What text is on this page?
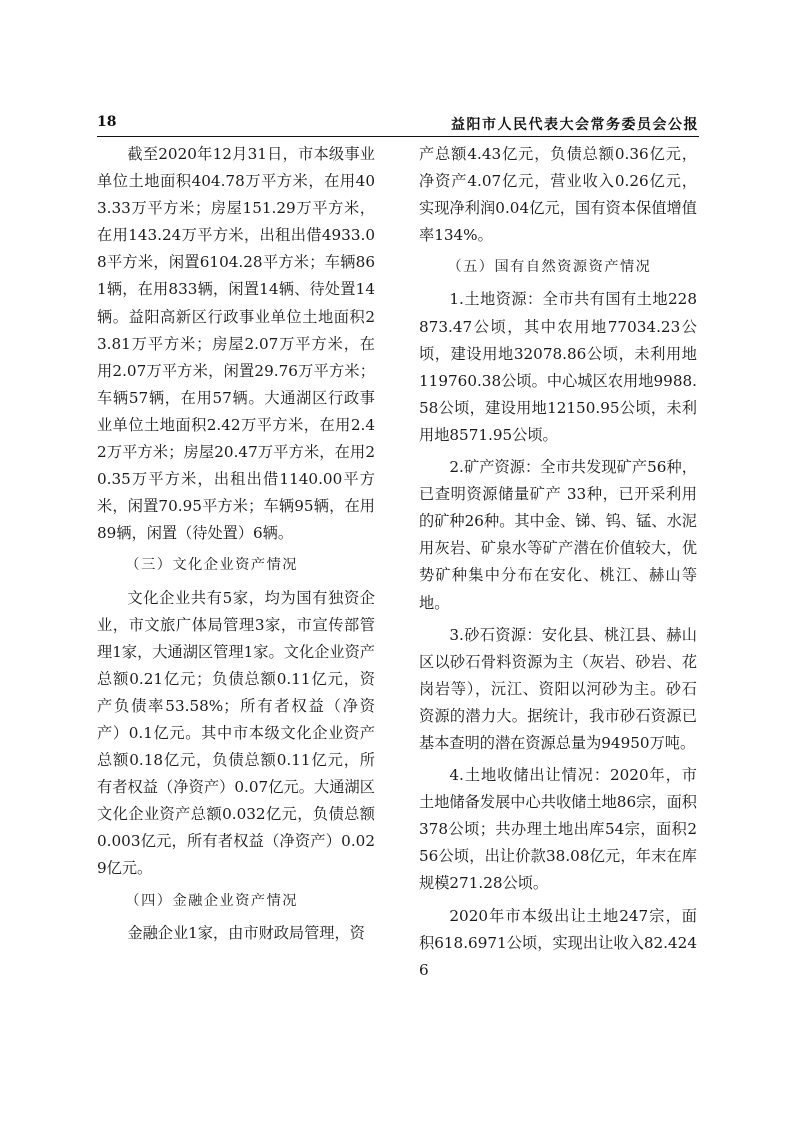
18	益阳市人民代表大会常务委员会公报

截至2020年12月31日，市本级事业单位土地面积404.78万平方米，在用403.33万平方米；房屋151.29万平方米，在用143.24万平方米，出租出借4933.08平方米，闲置6104.28平方米；车辆861辆，在用833辆，闲置14辆、待处置14辆。益阳高新区行政事业单位土地面积23.81万平方米；房屋2.07万平方米，在用2.07万平方米，闲置29.76万平方米；车辆57辆，在用57辆。大通湖区行政事业单位土地面积2.42万平方米，在用2.42万平方米；房屋20.47万平方米，在用20.35万平方米，出租出借1140.00平方米，闲置70.95平方米；车辆95辆，在用89辆，闲置（待处置）6辆。

（三）文化企业资产情况

文化企业共有5家，均为国有独资企业，市文旅广体局管理3家，市宣传部管理1家，大通湖区管理1家。文化企业资产总额0.21亿元；负债总额0.11亿元，资产负债率53.58%；所有者权益（净资产）0.1亿元。其中市本级文化企业资产总额0.18亿元，负债总额0.11亿元，所有者权益（净资产）0.07亿元。大通湖区文化企业资产总额0.032亿元，负债总额0.003亿元，所有者权益（净资产）0.029亿元。

（四）金融企业资产情况

金融企业1家，由市财政局管理，资

产总额4.43亿元，负债总额0.36亿元，净资产4.07亿元，营业收入0.26亿元，实现净利润0.04亿元，国有资本保值增值率134%。

（五）国有自然资源资产情况

1.土地资源：全市共有国有土地228873.47公顷，其中农用地77034.23公顷，建设用地32078.86公顷，未利用地119760.38公顷。中心城区农用地9988.58公顷，建设用地12150.95公顷，未利用地8571.95公顷。

2.矿产资源：全市共发现矿产56种，已查明资源储量矿产 33种，已开采利用的矿种26种。其中金、锑、钨、锰、水泥用灰岩、矿泉水等矿产潜在价值较大，优势矿种集中分布在安化、桃江、赫山等地。

3.砂石资源：安化县、桃江县、赫山区以砂石骨料资源为主（灰岩、砂岩、花岗岩等），沅江、资阳以河砂为主。砂石资源的潜力大。据统计，我市砂石资源已基本查明的潜在资源总量为94950万吨。

4.土地收储出让情况：2020年，市土地储备发展中心共收储土地86宗，面积378公顷；共办理土地出库54宗，面积256公顷，出让价款38.08亿元，年末在库规模271.28公顷。

2020年市本级出让土地247宗，面积618.6971公顷，实现出让收入82.4246
